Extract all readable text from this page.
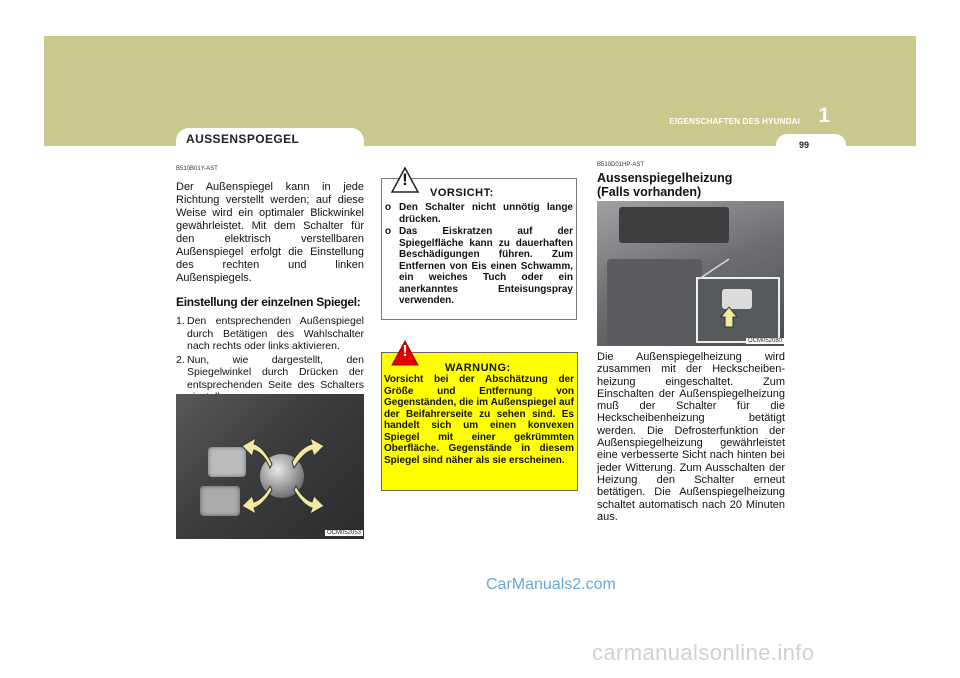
EIGENSCHAFTEN DES HYUNDAI 1
99
AUSSENSPOEGEL
B510B01Y-AST

Der Außenspiegel kann in jede Richtung verstellt werden; auf diese Weise wird ein optimaler Blickwinkel gewährleistet. Mit dem Schalter für den elektrisch verstellbaren Außenspiegel erfolgt die Einstellung des rechten und linken Außenspiegels.

Einstellung der einzelnen Spiegel:
1. Den entsprechenden Außenspiegel durch Betätigen des Wahlschalter nach rechts oder links aktivieren.
2. Nun, wie dargestellt, den Spiegelwinkel durch Drücken der entsprechenden Seite des Schalters
OCM052053
!
VORSICHT:
o Den Schalter nicht unnötig lange drücken.
o Das Eiskratzen auf der Spiegelfläche kann zu dauerhaften Beschädigungen führen. Zum Entfernen von Eis einen Schwamm, ein weiches Tuch oder ein anerkanntes Enteisungspray verwenden.
!
WARNUNG:

Vorsicht bei der Abschätzung der Größe und Entfernung von Gegenständen, die im Außenspiegel auf der Beifahrerseite zu sehen sind. Es handelt sich um einen konvexen Spiegel mit einer gekrümmten Oberfläche. Gegenstände in diesem Spiegel sind näher als sie erscheinen.

B510D01HP-AST
Aussenspiegelheizung
(Falls vorhanden)
OCM052080

Die Außenspiegelheizung wird zusammen mit der Heckscheiben-heizung eingeschaltet. Zum Einschalten der Außenspiegelheizung muß der Schalter für die Heckscheibenheizung betätigt werden. Die Defrosterfunktion der Außenspiegelheizung gewährleistet eine verbesserte Sicht nach hinten bei jeder Witterung. Zum Ausschalten der Heizung den Schalter erneut betätigen. Die Außenspiegelheizung schaltet automatisch nach 20 Minuten aus.

CarManuals2.com
carmanualsonline.info
